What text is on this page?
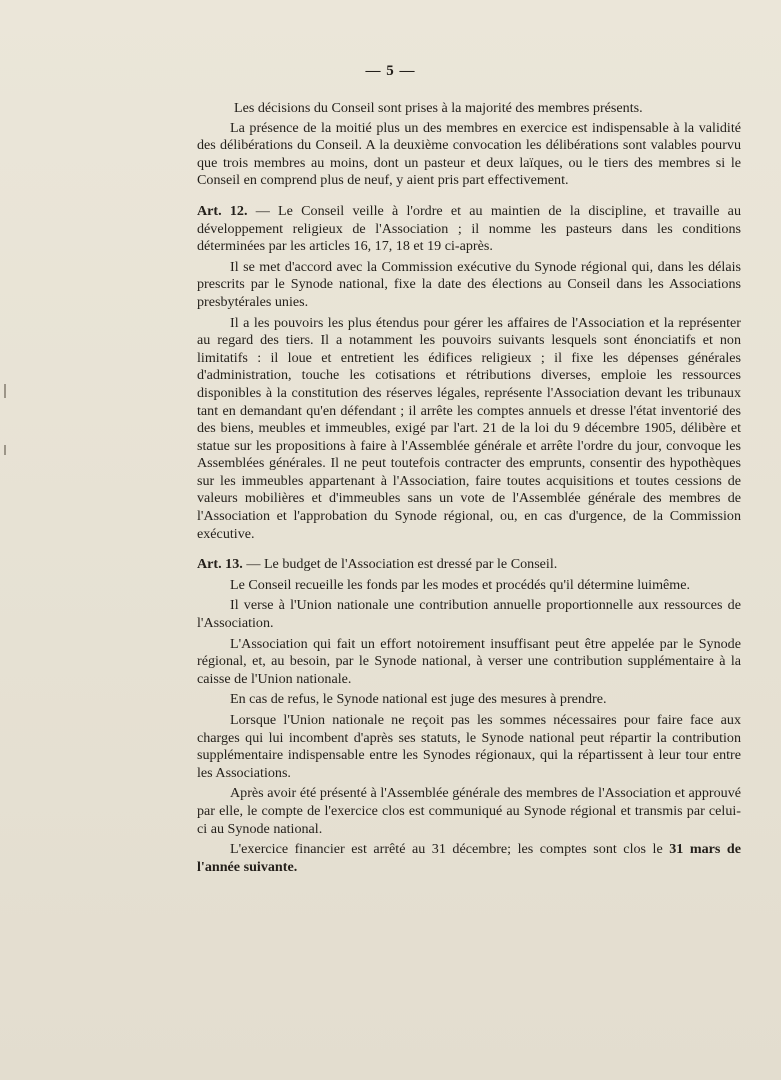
— 5 —

Les décisions du Conseil sont prises à la majorité des membres présents.

La présence de la moitié plus un des membres en exercice est indispensable à la validité des délibérations du Conseil. A la deuxième convocation les délibérations sont valables pourvu que trois membres au moins, dont un pasteur et deux laïques, ou le tiers des membres si le Conseil en comprend plus de neuf, y aient pris part effectivement.

Art. 12. — Le Conseil veille à l'ordre et au maintien de la discipline, et travaille au développement religieux de l'Association ; il nomme les pasteurs dans les conditions déterminées par les articles 16, 17, 18 et 19 ci-après.

Il se met d'accord avec la Commission exécutive du Synode régional qui, dans les délais prescrits par le Synode national, fixe la date des élections au Conseil dans les Associations presbytérales unies.

Il a les pouvoirs les plus étendus pour gérer les affaires de l'Association et la représenter au regard des tiers. Il a notamment les pouvoirs suivants lesquels sont énonciatifs et non limitatifs : il loue et entretient les édifices religieux ; il fixe les dépenses générales d'administration, touche les cotisations et rétributions diverses, emploie les ressources disponibles à la constitution des réserves légales, représente l'Association devant les tribunaux tant en demandant qu'en défendant ; il arrête les comptes annuels et dresse l'état inventorié des des biens, meubles et immeubles, exigé par l'art. 21 de la loi du 9 décembre 1905, délibère et statue sur les propositions à faire à l'Assemblée générale et arrête l'ordre du jour, convoque les Assemblées générales. Il ne peut toutefois contracter des emprunts, consentir des hypothèques sur les immeubles appartenant à l'Association, faire toutes acquisitions et toutes cessions de valeurs mobilières et d'immeubles sans un vote de l'Assemblée générale des membres de l'Association et l'approbation du Synode régional, ou, en cas d'urgence, de la Commission exécutive.

Art. 13. — Le budget de l'Association est dressé par le Conseil.

Le Conseil recueille les fonds par les modes et procédés qu'il détermine luimême.

Il verse à l'Union nationale une contribution annuelle proportionnelle aux ressources de l'Association.

L'Association qui fait un effort notoirement insuffisant peut être appelée par le Synode régional, et, au besoin, par le Synode national, à verser une contribution supplémentaire à la caisse de l'Union nationale.

En cas de refus, le Synode national est juge des mesures à prendre.

Lorsque l'Union nationale ne reçoit pas les sommes nécessaires pour faire face aux charges qui lui incombent d'après ses statuts, le Synode national peut répartir la contribution supplémentaire indispensable entre les Synodes régionaux, qui la répartissent à leur tour entre les Associations.

Après avoir été présenté à l'Assemblée générale des membres de l'Association et approuvé par elle, le compte de l'exercice clos est communiqué au Synode régional et transmis par celui-ci au Synode national.

L'exercice financier est arrêté au 31 décembre; les comptes sont clos le 31 mars de l'année suivante.
